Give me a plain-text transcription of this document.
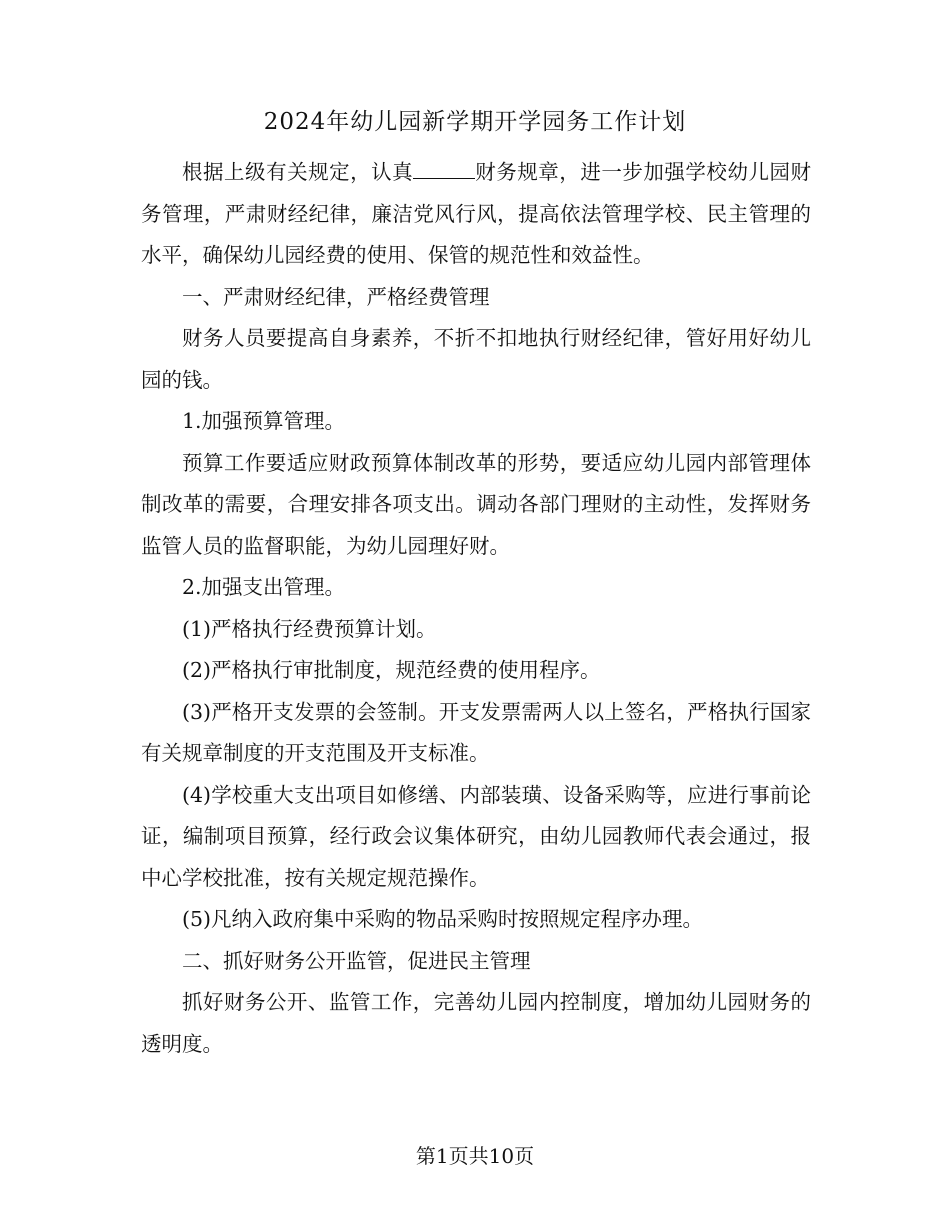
2024年幼儿园新学期开学园务工作计划

根据上级有关规定，认真	财务规章，进一步加强学校幼儿园财务管理，严肃财经纪律，廉洁党风行风，提高依法管理学校、民主管理的水平，确保幼儿园经费的使用、保管的规范性和效益性。

一、严肃财经纪律，严格经费管理

财务人员要提高自身素养，不折不扣地执行财经纪律，管好用好幼儿园的钱。

1.加强预算管理。

预算工作要适应财政预算体制改革的形势，要适应幼儿园内部管理体制改革的需要，合理安排各项支出。调动各部门理财的主动性，发挥财务监管人员的监督职能，为幼儿园理好财。

2.加强支出管理。

(1)严格执行经费预算计划。

(2)严格执行审批制度，规范经费的使用程序。

(3)严格开支发票的会签制。开支发票需两人以上签名，严格执行国家有关规章制度的开支范围及开支标准。

(4)学校重大支出项目如修缮、内部装璜、设备采购等，应进行事前论证，编制项目预算，经行政会议集体研究，由幼儿园教师代表会通过，报中心学校批准，按有关规定规范操作。

(5)凡纳入政府集中采购的物品采购时按照规定程序办理。

二、抓好财务公开监管，促进民主管理

抓好财务公开、监管工作，完善幼儿园内控制度，增加幼儿园财务的透明度。

第1页共10页
